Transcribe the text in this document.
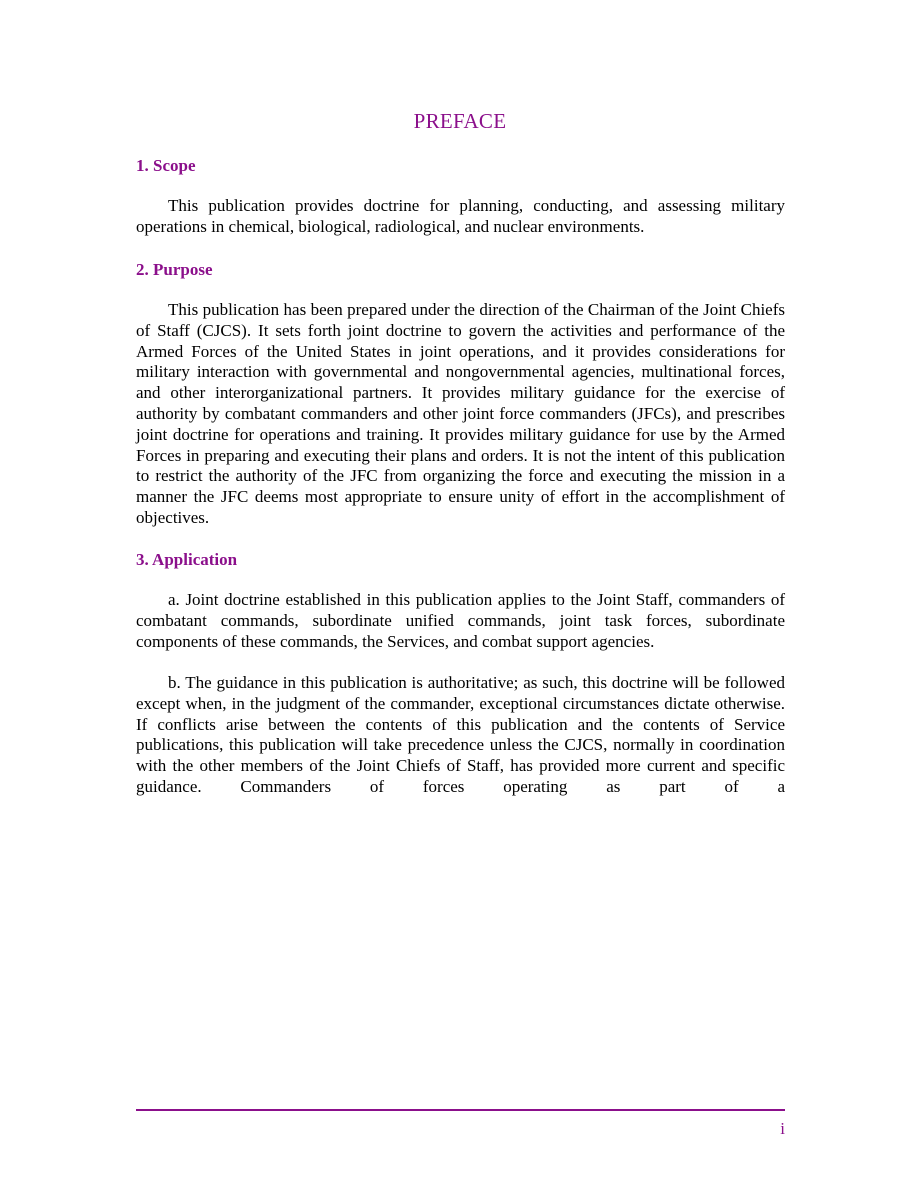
PREFACE
1. Scope

This publication provides doctrine for planning, conducting, and assessing military operations in chemical, biological, radiological, and nuclear environments.

2. Purpose

This publication has been prepared under the direction of the Chairman of the Joint Chiefs of Staff (CJCS). It sets forth joint doctrine to govern the activities and performance of the Armed Forces of the United States in joint operations, and it provides considerations for military interaction with governmental and nongovernmental agencies, multinational forces, and other interorganizational partners. It provides military guidance for the exercise of authority by combatant commanders and other joint force commanders (JFCs), and prescribes joint doctrine for operations and training. It provides military guidance for use by the Armed Forces in preparing and executing their plans and orders. It is not the intent of this publication to restrict the authority of the JFC from organizing the force and executing the mission in a manner the JFC deems most appropriate to ensure unity of effort in the accomplishment of objectives.

3. Application

a. Joint doctrine established in this publication applies to the Joint Staff, commanders of combatant commands, subordinate unified commands, joint task forces, subordinate components of these commands, the Services, and combat support agencies.

b. The guidance in this publication is authoritative; as such, this doctrine will be followed except when, in the judgment of the commander, exceptional circumstances dictate otherwise. If conflicts arise between the contents of this publication and the contents of Service publications, this publication will take precedence unless the CJCS, normally in coordination with the other members of the Joint Chiefs of Staff, has provided more current and specific guidance. Commanders of forces operating as part of a

i
